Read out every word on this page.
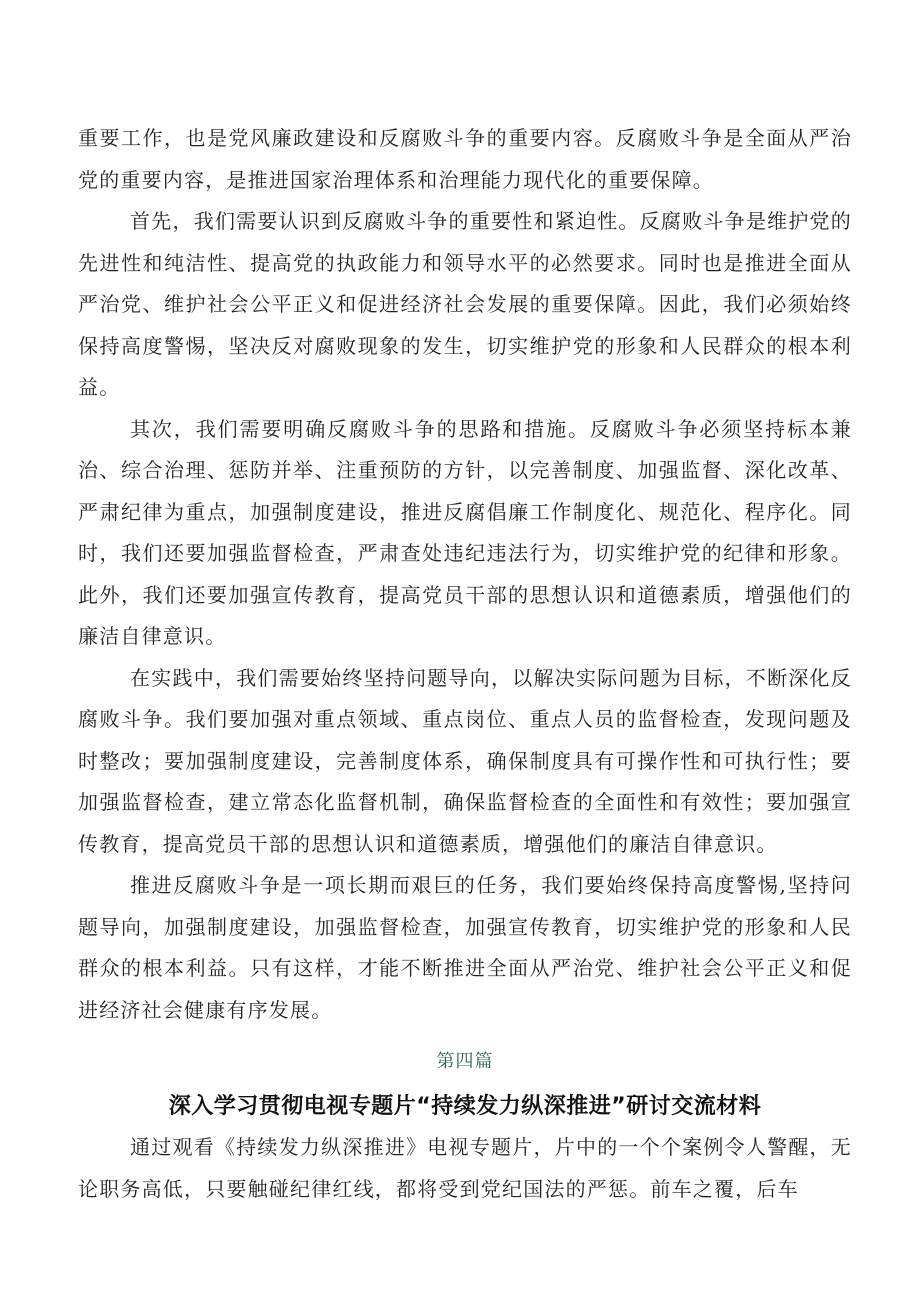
重要工作，也是党风廉政建设和反腐败斗争的重要内容。反腐败斗争是全面从严治党的重要内容，是推进国家治理体系和治理能力现代化的重要保障。

首先，我们需要认识到反腐败斗争的重要性和紧迫性。反腐败斗争是维护党的先进性和纯洁性、提高党的执政能力和领导水平的必然要求。同时也是推进全面从严治党、维护社会公平正义和促进经济社会发展的重要保障。因此，我们必须始终保持高度警惕，坚决反对腐败现象的发生，切实维护党的形象和人民群众的根本利益。

其次，我们需要明确反腐败斗争的思路和措施。反腐败斗争必须坚持标本兼治、综合治理、惩防并举、注重预防的方针，以完善制度、加强监督、深化改革、严肃纪律为重点，加强制度建设，推进反腐倡廉工作制度化、规范化、程序化。同时，我们还要加强监督检查，严肃查处违纪违法行为，切实维护党的纪律和形象。此外，我们还要加强宣传教育，提高党员干部的思想认识和道德素质，增强他们的廉洁自律意识。

在实践中，我们需要始终坚持问题导向，以解决实际问题为目标，不断深化反腐败斗争。我们要加强对重点领域、重点岗位、重点人员的监督检查，发现问题及时整改；要加强制度建设，完善制度体系，确保制度具有可操作性和可执行性；要加强监督检查，建立常态化监督机制，确保监督检查的全面性和有效性；要加强宣传教育，提高党员干部的思想认识和道德素质，增强他们的廉洁自律意识。

推进反腐败斗争是一项长期而艰巨的任务，我们要始终保持高度警惕,坚持问题导向，加强制度建设，加强监督检查，加强宣传教育，切实维护党的形象和人民群众的根本利益。只有这样，才能不断推进全面从严治党、维护社会公平正义和促进经济社会健康有序发展。

第四篇
深入学习贯彻电视专题片“持续发力纵深推进”研讨交流材料

通过观看《持续发力纵深推进》电视专题片，片中的一个个案例令人警醒，无论职务高低，只要触碰纪律红线，都将受到党纪国法的严惩。前车之覆，后车
